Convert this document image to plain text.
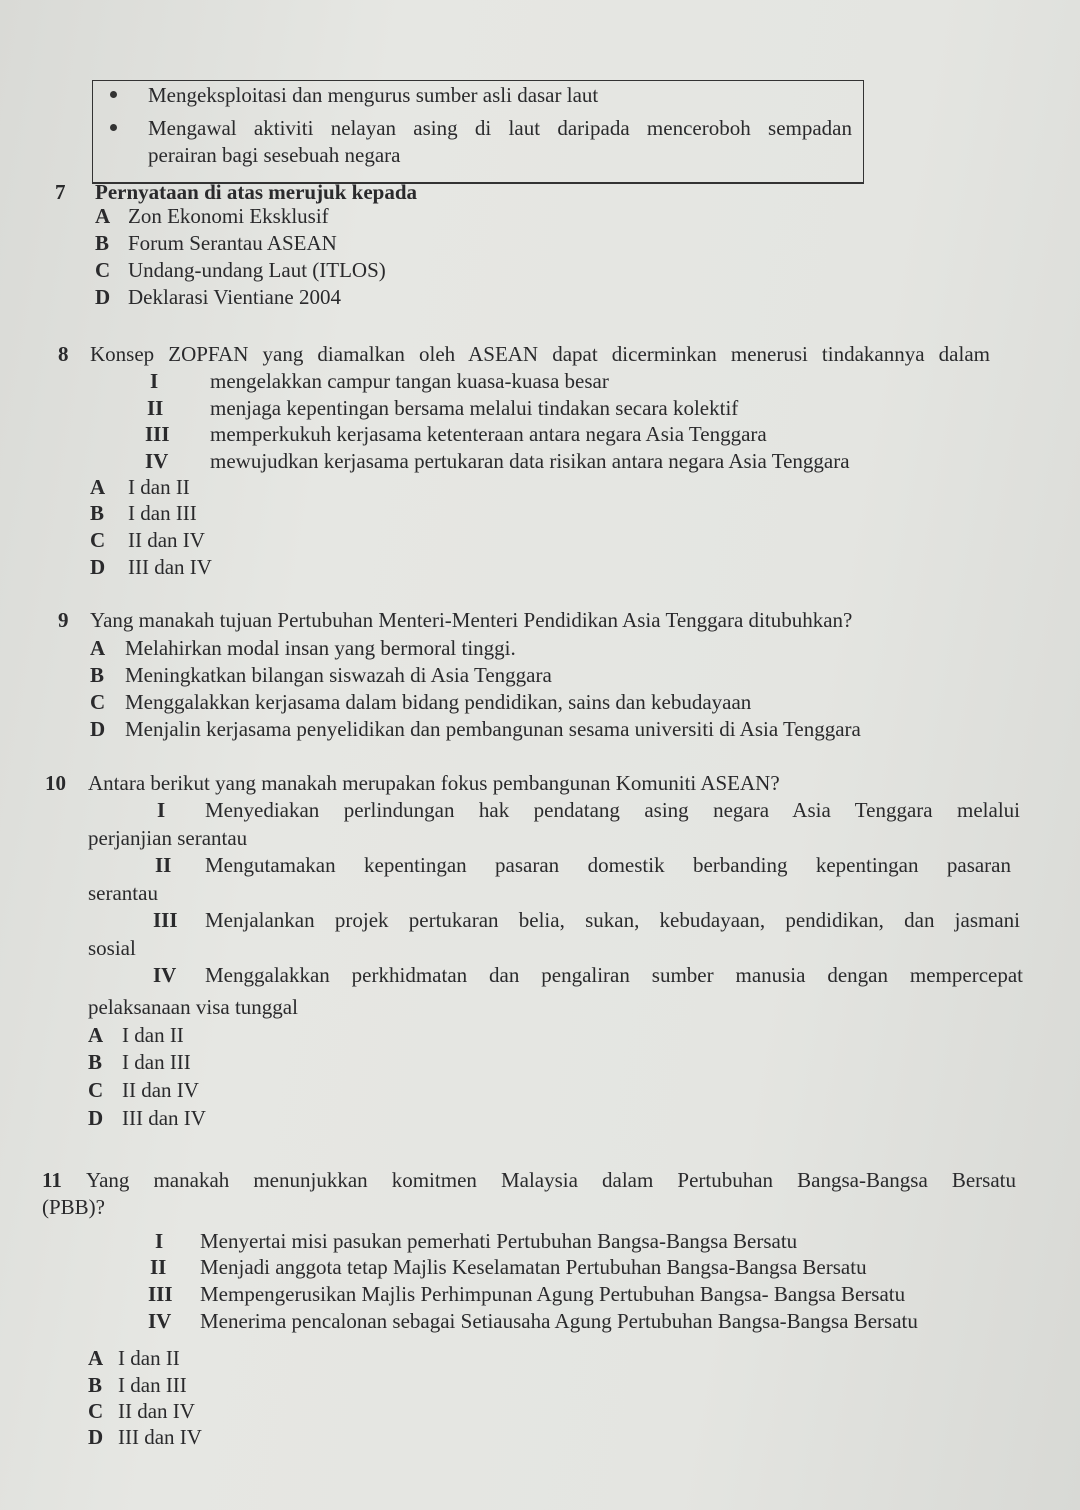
Mengeksploitasi dan mengurus sumber asli dasar laut
Mengawal aktiviti nelayan asing di laut daripada menceroboh sempadan
perairan bagi sesebuah negara
7 Pernyataan di atas merujuk kepada
A Zon Ekonomi Eksklusif
B Forum Serantau ASEAN
C Undang-undang Laut (ITLOS)
D Deklarasi Vientiane 2004
8 Konsep ZOPFAN yang diamalkan oleh ASEAN dapat dicerminkan menerusi tindakannya dalam
I mengelakkan campur tangan kuasa-kuasa besar
II menjaga kepentingan bersama melalui tindakan secara kolektif
III memperkukuh kerjasama ketenteraan antara negara Asia Tenggara
IV mewujudkan kerjasama pertukaran data risikan antara negara Asia Tenggara
A I dan II
B I dan III
C II dan IV
D III dan IV
9 Yang manakah tujuan Pertubuhan Menteri-Menteri Pendidikan Asia Tenggara ditubuhkan?
A Melahirkan modal insan yang bermoral tinggi.
B Meningkatkan bilangan siswazah di Asia Tenggara
C Menggalakkan kerjasama dalam bidang pendidikan, sains dan kebudayaan
D Menjalin kerjasama penyelidikan dan pembangunan sesama universiti di Asia Tenggara
10 Antara berikut yang manakah merupakan fokus pembangunan Komuniti ASEAN?
I Menyediakan perlindungan hak pendatang asing negara Asia Tenggara melalui
perjanjian serantau
II Mengutamakan kepentingan pasaran domestik berbanding kepentingan pasaran
serantau
III Menjalankan projek pertukaran belia, sukan, kebudayaan, pendidikan, dan jasmani
sosial
IV Menggalakkan perkhidmatan dan pengaliran sumber manusia dengan mempercepat
pelaksanaan visa tunggal
A I dan II
B I dan III
C II dan IV
D III dan IV
11 Yang manakah menunjukkan komitmen Malaysia dalam Pertubuhan Bangsa-Bangsa Bersatu
(PBB)?
I Menyertai misi pasukan pemerhati Pertubuhan Bangsa-Bangsa Bersatu
II Menjadi anggota tetap Majlis Keselamatan Pertubuhan Bangsa-Bangsa Bersatu
III Mempengerusikan Majlis Perhimpunan Agung Pertubuhan Bangsa- Bangsa Bersatu
IV Menerima pencalonan sebagai Setiausaha Agung Pertubuhan Bangsa-Bangsa Bersatu
A I dan II
B I dan III
C II dan IV
D III dan IV
